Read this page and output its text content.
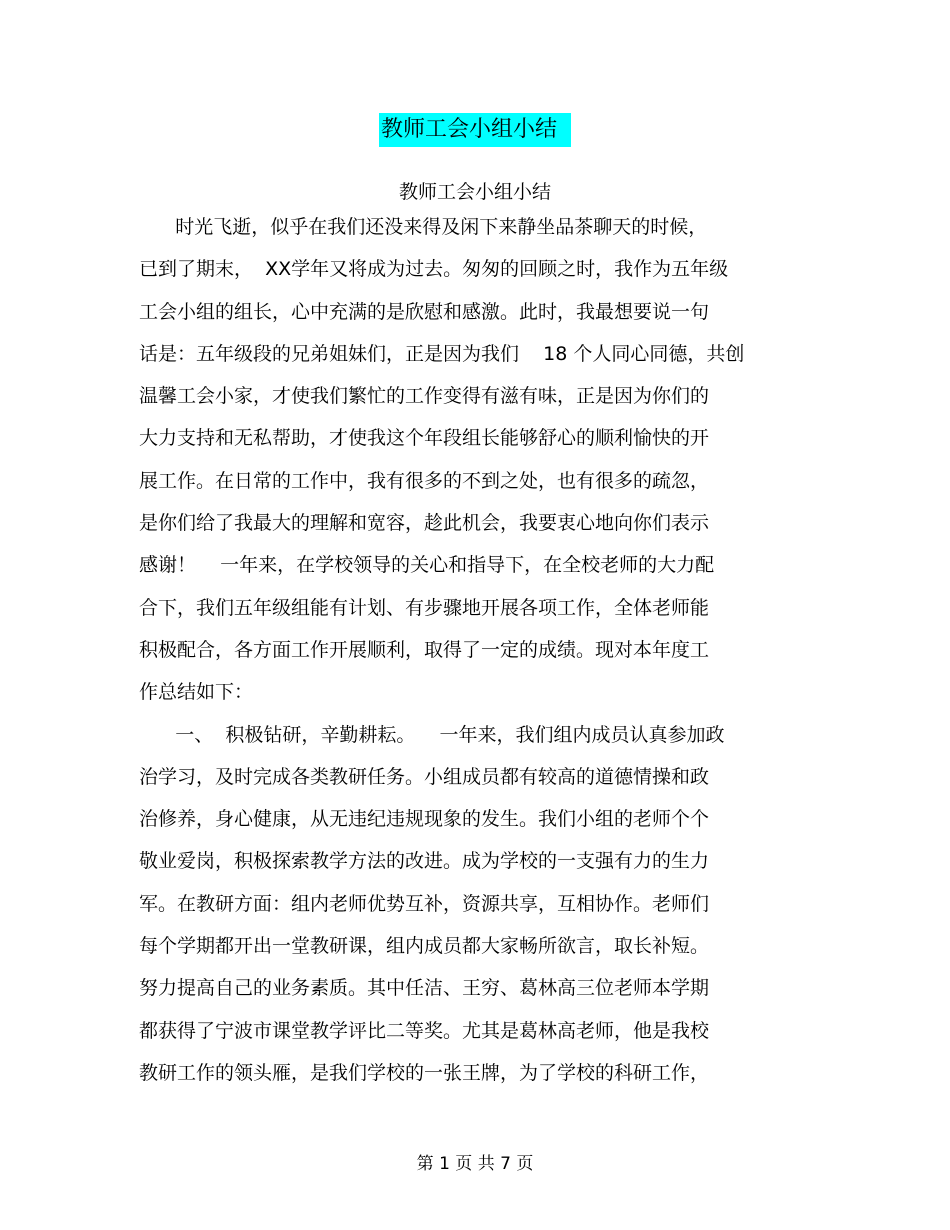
教师工会小组小结
教师工会小组小结
时光飞逝，似乎在我们还没来得及闲下来静坐品茶聊天的时候，
已到了期末，  XX学年又将成为过去。匆匆的回顾之时，我作为五年级
工会小组的组长，心中充满的是欣慰和感激。此时，我最想要说一句
话是：五年级段的兄弟姐妹们，正是因为我们    18 个人同心同德，共创
温馨工会小家，才使我们繁忙的工作变得有滋有味，正是因为你们的
大力支持和无私帮助，才使我这个年段组长能够舒心的顺利愉快的开
展工作。在日常的工作中，我有很多的不到之处，也有很多的疏忽，
是你们给了我最大的理解和宽容，趁此机会，我要衷心地向你们表示
感谢！    一年来，在学校领导的关心和指导下，在全校老师的大力配
合下，我们五年级组能有计划、有步骤地开展各项工作，全体老师能
积极配合，各方面工作开展顺利，取得了一定的成绩。现对本年度工
作总结如下：
一、  积极钻研，辛勤耕耘。    一年来，我们组内成员认真参加政
治学习，及时完成各类教研任务。小组成员都有较高的道德情操和政
治修养，身心健康，从无违纪违规现象的发生。我们小组的老师个个
敬业爱岗，积极探索教学方法的改进。成为学校的一支强有力的生力
军。在教研方面：组内老师优势互补，资源共享，互相协作。老师们
每个学期都开出一堂教研课，组内成员都大家畅所欲言，取长补短。
努力提高自己的业务素质。其中任洁、王穷、葛林高三位老师本学期
都获得了宁波市课堂教学评比二等奖。尤其是葛林高老师，他是我校
教研工作的领头雁，是我们学校的一张王牌，为了学校的科研工作，
第 1 页 共 7 页
